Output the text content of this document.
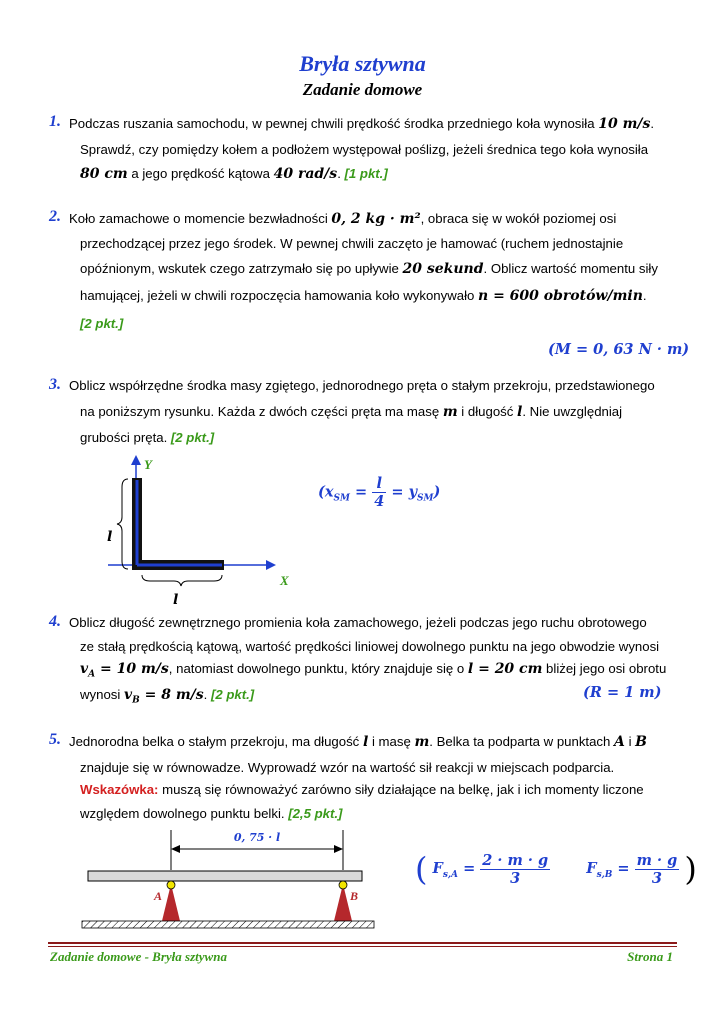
Bryła sztywna
Zadanie domowe
1. Podczas ruszania samochodu, w pewnej chwili prędkość środka przedniego koła wynosiła 10 𝒎/𝒔.
Sprawdź, czy pomiędzy kołem a podłożem występował poślizg, jeżeli średnica tego koła wynosiła
80 𝒄𝒎 a jego prędkość kątowa 40 𝒓𝒂𝒅/𝒔. [1 pkt.]
2. Koło zamachowe o momencie bezwładności 0, 2 𝒌𝒈 · 𝒎², obraca się w wokół poziomej osi
przechodzącej przez jego środek. W pewnej chwili zaczęto je hamować (ruchem jednostajnie
opóźnionym, wskutek czego zatrzymało się po upływie 20 𝒔𝒆𝒌𝒖𝒏𝒅. Oblicz wartość momentu siły
hamującej, jeżeli w chwili rozpoczęcia hamowania koło wykonywało 𝒏 = 600 𝒐𝒃𝒓𝒐𝒕ó𝒘/𝒎𝒊𝒏.
[2 pkt.]
(𝑴 = 0, 63 𝑵 · 𝒎)
3. Oblicz współrzędne środka masy zgiętego, jednorodnego pręta o stałym przekroju, przedstawionego
na poniższym rysunku. Każda z dwóch części pręta ma masę 𝒎 i długość 𝒍. Nie uwzględniaj
grubości pręta. [2 pkt.]
Y
X
l
l
(𝒙$_{SM}$ = $\frac{\text{𝒍}}{4}$ = 𝒚$_{SM}$)
4. Oblicz długość zewnętrznego promienia koła zamachowego, jeżeli podczas jego ruchu obrotowego
ze stałą prędkością kątową, wartość prędkości liniowej dowolnego punktu na jego obwodzie wynosi
𝒗$_A$ = 10 𝒎/𝒔, natomiast dowolnego punktu, który znajduje się o 𝒍 = 20 𝒄𝒎 bliżej jego osi obrotu
wynosi 𝒗$_B$ = 8 𝒎/𝒔. [2 pkt.]	(𝑹 = 1 𝒎)
5. Jednorodna belka o stałym przekroju, ma długość 𝒍 i masę 𝒎. Belka ta podparta w punktach 𝑨 i 𝑩
znajduje się w równowadze. Wyprowadź wzór na wartość sił reakcji w miejscach podparcia.
Wskazówka: muszą się równoważyć zarówno siły działające na belkę, jak i ich momenty liczone
względem dowolnego punktu belki. [2,5 pkt.]
0, 75 · 𝒍
A	B
( 𝑭$_{s,A}$ = $\frac{\text{2 · 𝒎 · 𝒈}}{3}$ 𝑭$_{s,B}$ = $\frac{\text{𝒎 · 𝒈}}{3}$ )
Zadanie domowe - Bryła sztywna	Strona 1
